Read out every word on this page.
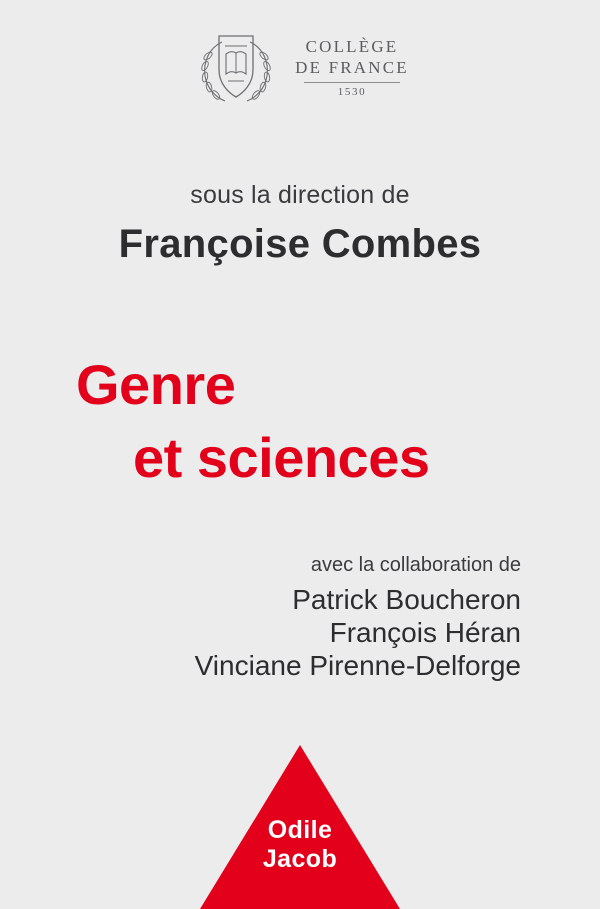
COLLÈGE
DE FRANCE
1530
sous la direction de
Françoise Combes
Genre
et sciences
avec la collaboration de
Patrick Boucheron
François Héran
Vinciane Pirenne-Delforge
Odile
Jacob
